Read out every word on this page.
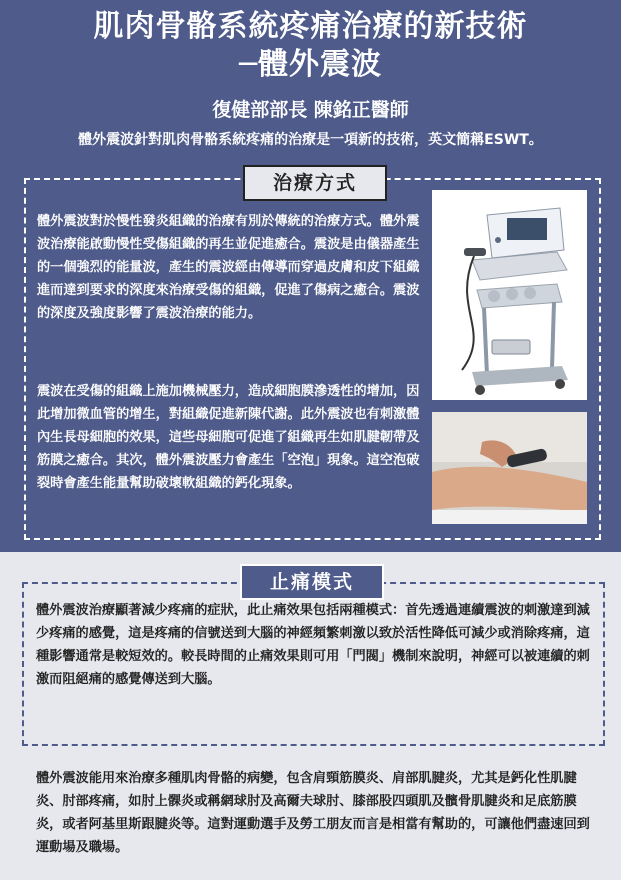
肌肉骨骼系統疼痛治療的新技術
─體外震波
復健部部長 陳銘正醫師
體外震波針對肌肉骨骼系統疼痛的治療是一項新的技術，英文簡稱ESWT。
治療方式
體外震波對於慢性發炎組織的治療有別於傳統的治療方式。體外震波治療能啟動慢性受傷組織的再生並促進癒合。震波是由儀器產生的一個強烈的能量波，產生的震波經由傳導而穿過皮膚和皮下組織進而達到要求的深度來治療受傷的組織，促進了傷病之癒合。震波的深度及強度影響了震波治療的能力。
震波在受傷的組織上施加機械壓力，造成細胞膜滲透性的增加，因此增加微血管的增生，對組織促進新陳代謝。此外震波也有刺激體內生長母細胞的效果，這些母細胞可促進了組織再生如肌腱韌帶及筋膜之癒合。其次，體外震波壓力會產生「空泡」現象。這空泡破裂時會產生能量幫助破壞軟組織的鈣化現象。
止痛模式
體外震波治療顯著減少疼痛的症狀，此止痛效果包括兩種模式：首先透過連續震波的刺激達到減少疼痛的感覺，這是疼痛的信號送到大腦的神經頻繁刺激以致於活性降低可減少或消除疼痛，這種影響通常是較短效的。較長時間的止痛效果則可用「門閥」機制來說明，神經可以被連續的刺激而阻絕痛的感覺傳送到大腦。
體外震波能用來治療多種肌肉骨骼的病變，包含肩頸筋膜炎、肩部肌腱炎，尤其是鈣化性肌腱炎、肘部疼痛，如肘上髁炎或稱網球肘及高爾夫球肘、膝部股四頭肌及髕骨肌腱炎和足底筋膜炎，或者阿基里斯跟腱炎等。這對運動選手及勞工朋友而言是相當有幫助的，可讓他們盡速回到運動場及職場。
